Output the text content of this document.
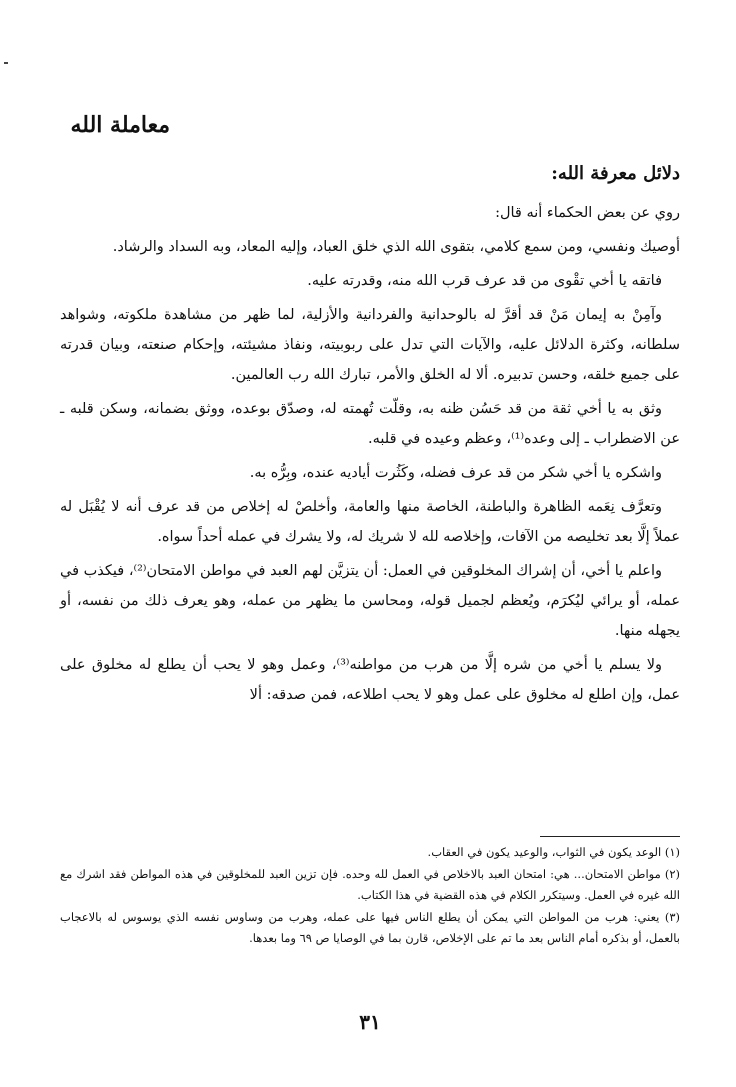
معاملة الله
دلائل معرفة الله:

روي عن بعض الحكماء أنه قال:

أوصيك ونفسي، ومن سمع كلامي، بتقوى الله الذي خلق العباد، وإليه المعاد، وبه السداد والرشاد.

فاتقه يا أخي تقْوى من قد عرف قرب الله منه، وقدرته عليه.

وآمِنْ به إيمان مَنْ قد أقرَّ له بالوحدانية والفردانية والأزلية، لما ظهر من مشاهدة ملكوته، وشواهد سلطانه، وكثرة الدلائل عليه، والآيات التي تدل على ربوبيته، ونفاذ مشيئته، وإحكام صنعته، وبيان قدرته على جميع خلقه، وحسن تدبيره. ألا له الخلق والأمر، تبارك الله رب العالمين.

وثق به يا أخي ثقة من قد حَسُن ظنه به، وقلّت تُهمته له، وصدّق بوعده، ووثق بضمانه، وسكن قلبه ـ عن الاضطراب ـ إلى وعده⁽¹⁾، وعظم وعيده في قلبه.

واشكره يا أخي شكر من قد عرف فضله، وكَثُرت أياديه عنده، وبِرُّه به.

وتعرَّف نِعَمه الظاهرة والباطنة، الخاصة منها والعامة، وأخلصْ له إخلاص من قد عرف أنه لا يُقْبَل له عملاً إلَّا بعد تخليصه من الآفات، وإخلاصه لله لا شريك له، ولا يشرك في عمله أحداً سواه.

واعلم يا أخي، أن إشراك المخلوقين في العمل: أن يتزيَّن لهم العبد في مواطن الامتحان⁽²⁾، فيكذب في عمله، أو يرائي ليُكرَم، ويُعظم لجميل قوله، ومحاسن ما يظهر من عمله، وهو يعرف ذلك من نفسه، أو يجهله منها.

ولا يسلم يا أخي من شره إلَّا من هرب من مواطنه⁽³⁾، وعمل وهو لا يحب أن يطلع له مخلوق على عمل، وإن اطلع له مخلوق على عمل وهو لا يحب اطلاعه، فمن صدقه: ألا

(١) الوعد يكون في الثواب، والوعيد يكون في العقاب.

(٢) مواطن الامتحان... هي: امتحان العبد بالاخلاص في العمل لله وحده. فإن تزين العبد للمخلوقين في هذه المواطن فقد اشرك مع الله غيره في العمل. وسيتكرر الكلام في هذه القضية في هذا الكتاب.

(٣) يعني: هرب من المواطن التي يمكن أن يطلع الناس فيها على عمله، وهرب من وساوس نفسه الذي يوسوس له بالاعجاب بالعمل، أو بذكره أمام الناس بعد ما تم على الإخلاص، قارن بما في الوصايا ص ٦٩ وما بعدها.

٣١
